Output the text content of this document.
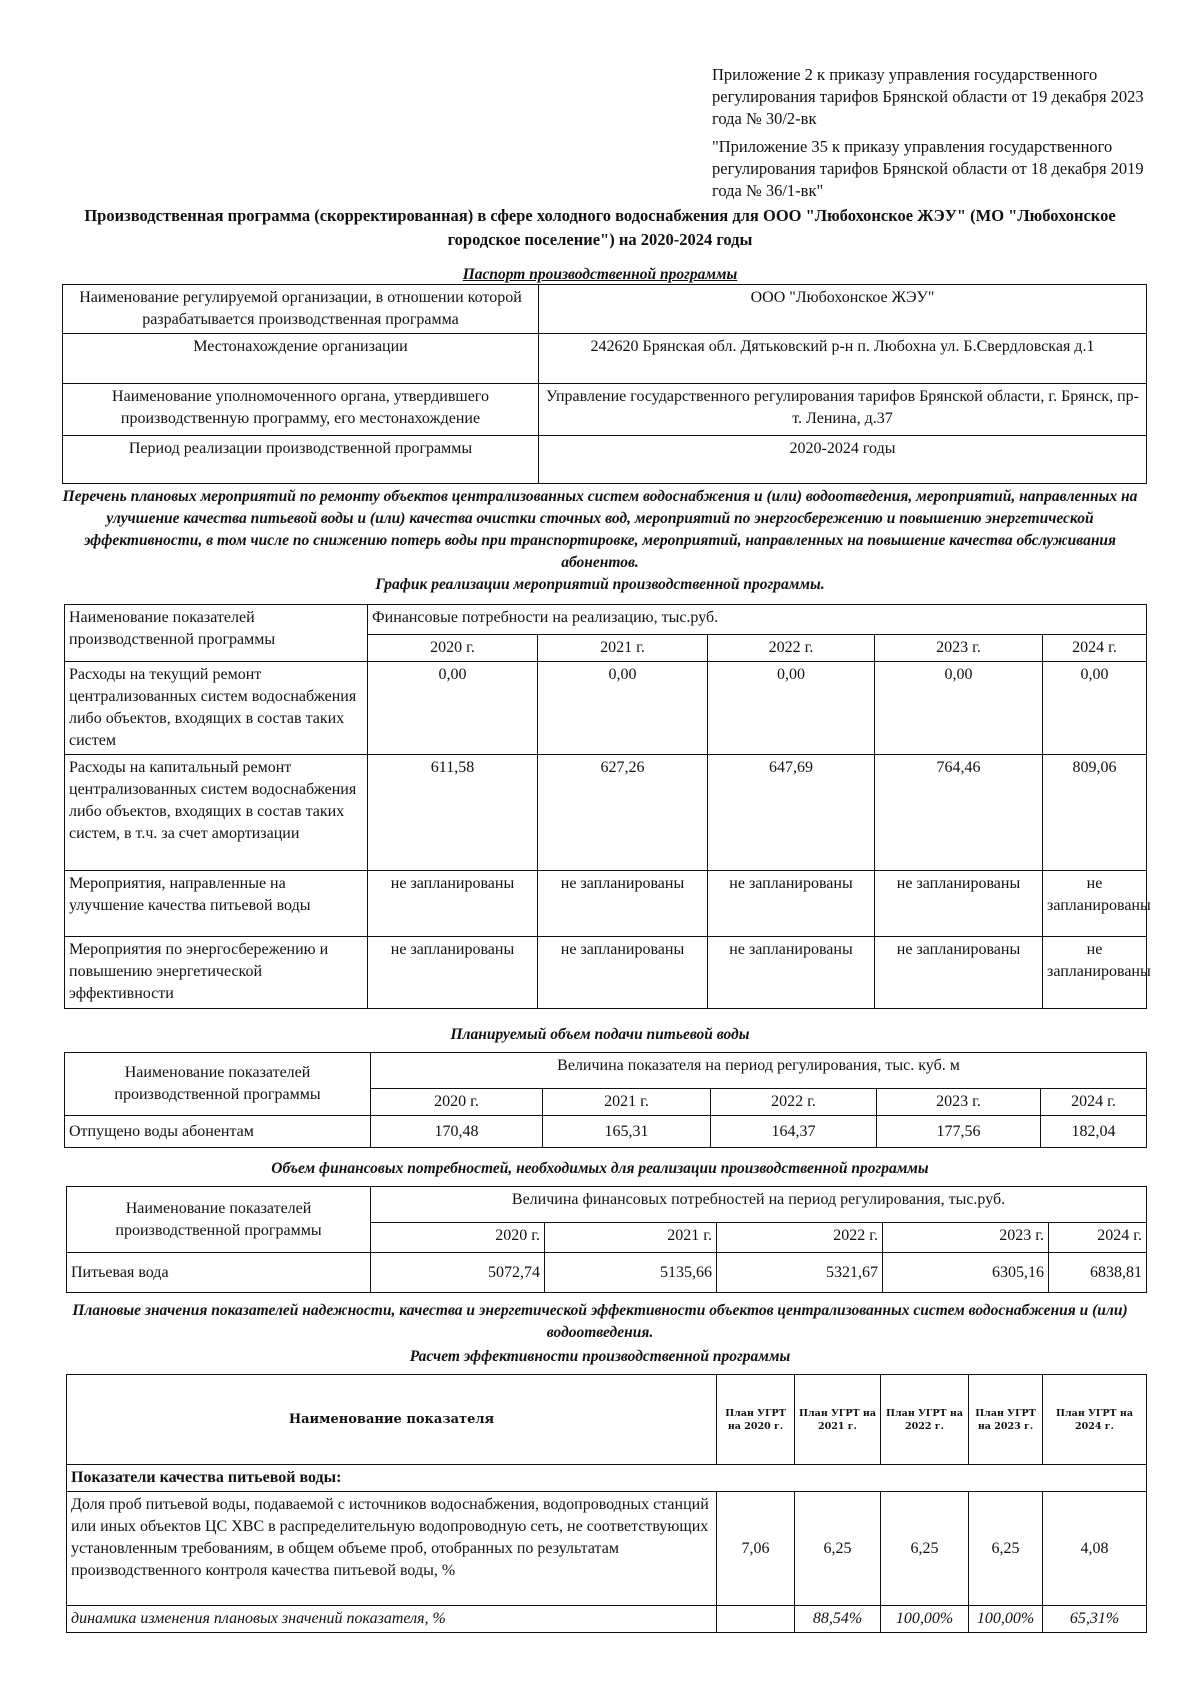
Приложение 2 к приказу управления государственного регулирования тарифов Брянской области от 19 декабря 2023 года № 30/2-вк
"Приложение 35 к приказу управления государственного регулирования тарифов Брянской области от 18 декабря 2019 года № 36/1-вк"
Производственная программа (скорректированная) в сфере холодного водоснабжения для ООО "Любохонское ЖЭУ" (МО "Любохонское городское поселение") на 2020-2024 годы
Паспорт производственной программы
Наименование регулируемой организации, в отношении которой разрабатывается производственная программа	ООО "Любохонское ЖЭУ"
Местонахождение организации	242620 Брянская обл. Дятьковский р-н п. Любохна ул. Б.Свердловская д.1
Наименование уполномоченного органа, утвердившего производственную программу, его местонахождение	Управление государственного регулирования тарифов Брянской области, г. Брянск, пр-т. Ленина, д.37
Период реализации производственной программы	2020-2024 годы
Перечень плановых мероприятий по ремонту объектов централизованных систем водоснабжения и (или) водоотведения, мероприятий, направленных на улучшение качества питьевой воды и (или) качества очистки сточных вод, мероприятий по энергосбережению и повышению энергетической эффективности, в том числе по снижению потерь воды при транспортировке, мероприятий, направленных на повышение качества обслуживания абонентов.
График реализации мероприятий производственной программы.
Наименование показателей производственной программы	Финансовые потребности на реализацию, тыс.руб.				
	2020 г.	2021 г.	2022 г.	2023 г.	2024 г.
Расходы на текущий ремонт централизованных систем водоснабжения либо объектов, входящих в состав таких систем	0,00	0,00	0,00	0,00	0,00
Расходы на капитальный ремонт централизованных систем водоснабжения либо объектов, входящих в состав таких систем, в т.ч. за счет амортизации	611,58	627,26	647,69	764,46	809,06
Мероприятия, направленные на улучшение качества питьевой воды	не запланированы	не запланированы	не запланированы	не запланированы	не запланированы
Мероприятия по энергосбережению и повышению энергетической эффективности	не запланированы	не запланированы	не запланированы	не запланированы	не запланированы
Планируемый объем подачи питьевой воды
Наименование показателей производственной программы	Величина показателя на период регулирования, тыс. куб. м				
	2020 г.	2021 г.	2022 г.	2023 г.	2024 г.
Отпущено воды абонентам	170,48	165,31	164,37	177,56	182,04
Объем финансовых потребностей, необходимых для реализации производственной программы
Наименование показателей производственной программы	Величина финансовых потребностей на период регулирования, тыс.руб.				
	2020 г.	2021 г.	2022 г.	2023 г.	2024 г.
Питьевая вода	5072,74	5135,66	5321,67	6305,16	6838,81
Плановые значения показателей надежности, качества и энергетической эффективности объектов централизованных систем водоснабжения и (или) водоотведения.
Расчет эффективности производственной программы
Наименование показателя	План УГРТ на 2020 г.	План УГРТ на 2021 г.	План УГРТ на 2022 г.	План УГРТ на 2023 г.	План УГРТ на 2024 г.
Показатели качества питьевой воды:					
Доля проб питьевой воды, подаваемой с источников водоснабжения, водопроводных станций или иных объектов ЦС ХВС в распределительную водопроводную сеть, не соответствующих установленным требованиям, в общем объеме проб, отобранных по результатам производственного контроля качества питьевой воды, %	7,06	6,25	6,25	6,25	4,08
динамика изменения плановых значений показателя, %		88,54%	100,00%	100,00%	65,31%
